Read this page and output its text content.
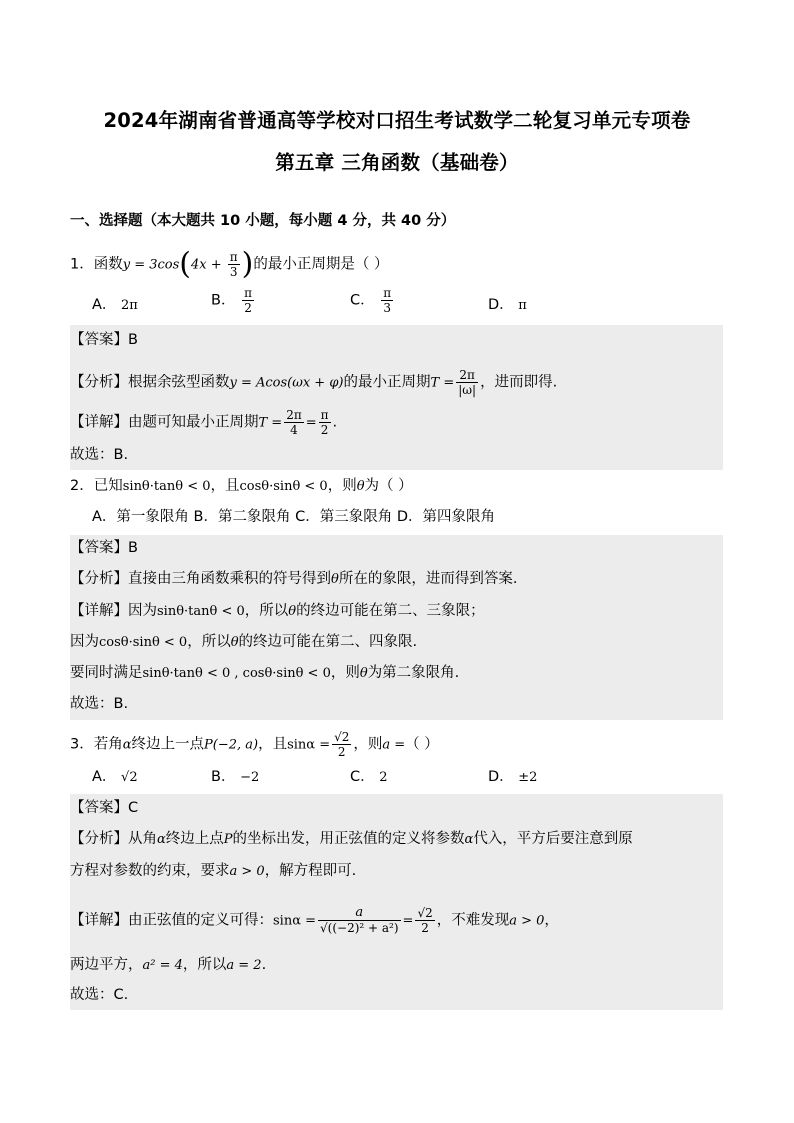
2024年湖南省普通高等学校对口招生考试数学二轮复习单元专项卷
第五章 三角函数（基础卷）
一、选择题（本大题共 10 小题，每小题 4 分，共 40 分）
1．函数$y = 3\cos(4x + \frac{\pi}{3}$ )的最小正周期是（ ）
A． 2π	B． $\frac{\pi}{2}$	C． $\frac{\pi}{3}$	D． π
【答案】B
【分析】根据余弦型函数y = Acos(ωx + φ)的最小正周期$T = \frac{2\pi}{|\omega|}$ ，进而即得.
【详解】由题可知最小正周期$T = \frac{2\pi}{4} = \frac{\pi}{2}$ .
故选：B.
2．已知sinθ·tanθ < 0，且cosθ·sinθ < 0，则θ为（ ）
A．第一象限角 B．第二象限角 C．第三象限角 D．第四象限角
【答案】B
【分析】直接由三角函数乘积的符号得到θ所在的象限，进而得到答案.
【详解】因为sinθ·tanθ < 0，所以θ的终边可能在第二、三象限；
因为cosθ·sinθ < 0，所以θ的终边可能在第二、四象限.
要同时满足sinθ·tanθ < 0 , cosθ·sinθ < 0，则θ为第二象限角.
故选：B.
3．若角α终边上一点P(−2, a)，且$\sin\alpha = \frac{√2}{2}$ ，则a =（ ）
A． √2	B． −2	C． 2	D． ±2
【答案】C
【分析】从角α终边上点P的坐标出发，用正弦值的定义将参数α代入，平方后要注意到原
方程对参数的约束，要求a > 0，解方程即可.
【详解】由正弦值的定义可得：$\sin\alpha = \frac{a}{\text{√((−2)² + a²)}} = \frac{√2}{2}$ ，不难发现a > 0，
两边平方，a² = 4，所以a = 2.
故选：C.
